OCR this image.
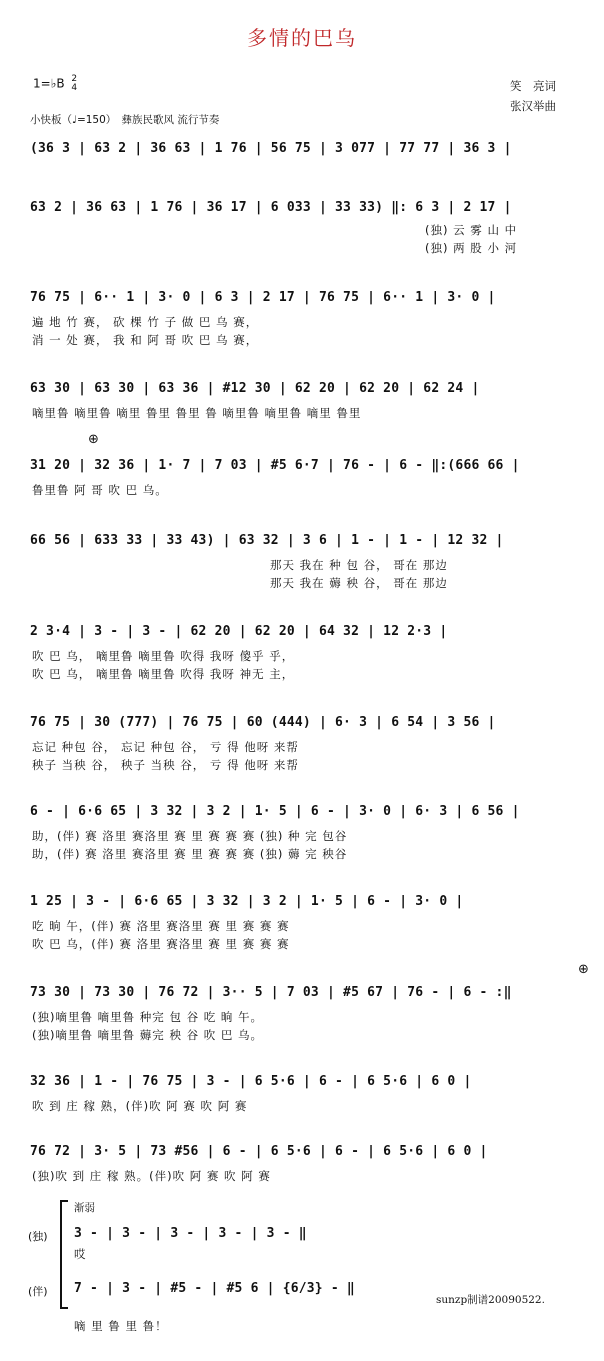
多情的巴乌
1=♭B 2
4	笑　亮词
张汉举曲
小快板（♩=150）　彝族民歌风 流行节奏
(36 3 | 63 2 | 36 63 | 1 76 | 56 75 | 3 077 | 77 77 | 36 3 |
63 2 | 36 63 | 1 76 | 36 17 | 6 033 | 33 33) ‖: 6 3 | 2 17 |
(独) 云 雾 山 中
(独) 两 股 小 河
76 75 | 6·· 1 | 3· 0 | 6 3 | 2 17 | 76 75 | 6·· 1 | 3· 0 |
遍 地 竹 赛， 砍 棵 竹 子 做 巴 乌 赛，
消 一 处 赛， 我 和 阿 哥 吹 巴 乌 赛，
63 30 | 63 30 | 63 36 | #12 30 | 62 20 | 62 20 | 62 24 |
嘀里鲁 嘀里鲁 嘀里 鲁里 鲁里 鲁 嘀里鲁 嘀里鲁 嘀里 鲁里
⊕
31 20 | 32 36 | 1· 7 | 7 03 | #5 6·7 | 76 - | 6 - ‖:(666 66 |
鲁里鲁 阿 哥 吹 巴 乌。
66 56 | 633 33 | 33 43) | 63 32 | 3 6 | 1 - | 1 - | 12 32 |
那天 我在 种 包 谷， 哥在 那边
那天 我在 薅 秧 谷， 哥在 那边
2 3·4 | 3 - | 3 - | 62 20 | 62 20 | 64 32 | 12 2·3 |
吹 巴 乌， 嘀里鲁 嘀里鲁 吹得 我呀 傻乎 乎，
吹 巴 乌， 嘀里鲁 嘀里鲁 吹得 我呀 神无 主，
76 75 | 30 (777) | 76 75 | 60 (444) | 6· 3 | 6 54 | 3 56 |
忘记 种包 谷， 忘记 种包 谷， 亏 得 他呀 来帮
秧子 当秧 谷， 秧子 当秧 谷， 亏 得 他呀 来帮
6 - | 6·6 65 | 3 32 | 3 2 | 1· 5 | 6 - | 3· 0 | 6· 3 | 6 56 |
助，(伴) 赛 洛里 赛洛里 赛 里 赛 赛 赛 (独) 种 完 包谷
助，(伴) 赛 洛里 赛洛里 赛 里 赛 赛 赛 (独) 薅 完 秧谷
1 25 | 3 - | 6·6 65 | 3 32 | 3 2 | 1· 5 | 6 - | 3· 0 |
吃 晌 午，(伴) 赛 洛里 赛洛里 赛 里 赛 赛 赛
吹 巴 乌，(伴) 赛 洛里 赛洛里 赛 里 赛 赛 赛
⊕
73 30 | 73 30 | 76 72 | 3·· 5 | 7 03 | #5 67 | 76 - | 6 - :‖
(独)嘀里鲁 嘀里鲁 种完 包 谷 吃 晌 午。
(独)嘀里鲁 嘀里鲁 薅完 秧 谷 吹 巴 乌。
32 36 | 1 - | 76 75 | 3 - | 6 5·6 | 6 - | 6 5·6 | 6 0 |
吹 到 庄 稼 熟，(伴)吹 阿 赛 吹 阿 赛
76 72 | 3· 5 | 73 #56 | 6 - | 6 5·6 | 6 - | 6 5·6 | 6 0 |
(独)吹 到 庄 稼 熟。(伴)吹 阿 赛 吹 阿 赛
渐弱
(独) 3 - | 3 - | 3 - | 3 - | 3 - ‖
哎
(伴) 7 - | 3 - | #5 - | #5 6 | {6/3} - ‖
嘀 里 鲁 里 鲁！
sunzp制谱20090522.
